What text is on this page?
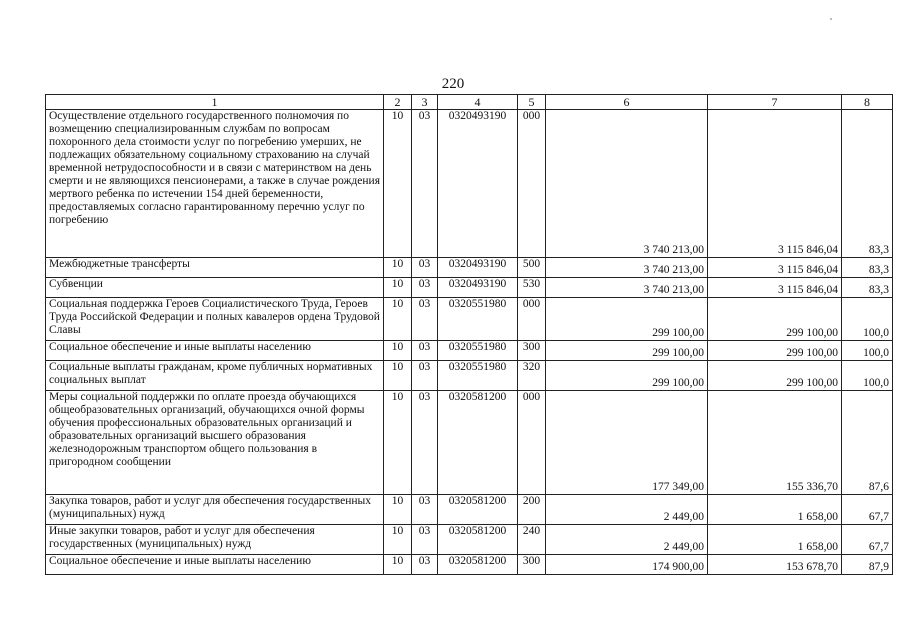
220
1	2	3	4	5	6	7	8
Осуществление отдельного государственного полномочия по возмещению специализированным службам по вопросам похоронного дела стоимости услуг по погребению умерших, не подлежащих обязательному социальному страхованию на случай временной нетрудоспособности и в связи с материнством на день смерти и не являющихся пенсионерами, а также в случае рождения мертвого ребенка по истечении 154 дней беременности, предоставляемых согласно гарантированному перечню услуг по погребению	10	03	0320493190	000	3 740 213,00	3 115 846,04	83,3
Межбюджетные трансферты	10	03	0320493190	500	3 740 213,00	3 115 846,04	83,3
Субвенции	10	03	0320493190	530	3 740 213,00	3 115 846,04	83,3
Социальная поддержка Героев Социалистического Труда, Героев Труда Российской Федерации и полных кавалеров ордена Трудовой Славы	10	03	0320551980	000	299 100,00	299 100,00	100,0
Социальное обеспечение и иные выплаты населению	10	03	0320551980	300	299 100,00	299 100,00	100,0
Социальные выплаты гражданам, кроме публичных нормативных социальных выплат	10	03	0320551980	320	299 100,00	299 100,00	100,0
Меры социальной поддержки по оплате проезда обучающихся общеобразовательных организаций, обучающихся очной формы обучения профессиональных образовательных организаций и образовательных организаций высшего образования железнодорожным транспортом общего пользования в пригородном сообщении	10	03	0320581200	000	177 349,00	155 336,70	87,6
Закупка товаров, работ и услуг для обеспечения государственных (муниципальных) нужд	10	03	0320581200	200	2 449,00	1 658,00	67,7
Иные закупки товаров, работ и услуг для обеспечения государственных (муниципальных) нужд	10	03	0320581200	240	2 449,00	1 658,00	67,7
Социальное обеспечение и иные выплаты населению	10	03	0320581200	300	174 900,00	153 678,70	87,9
